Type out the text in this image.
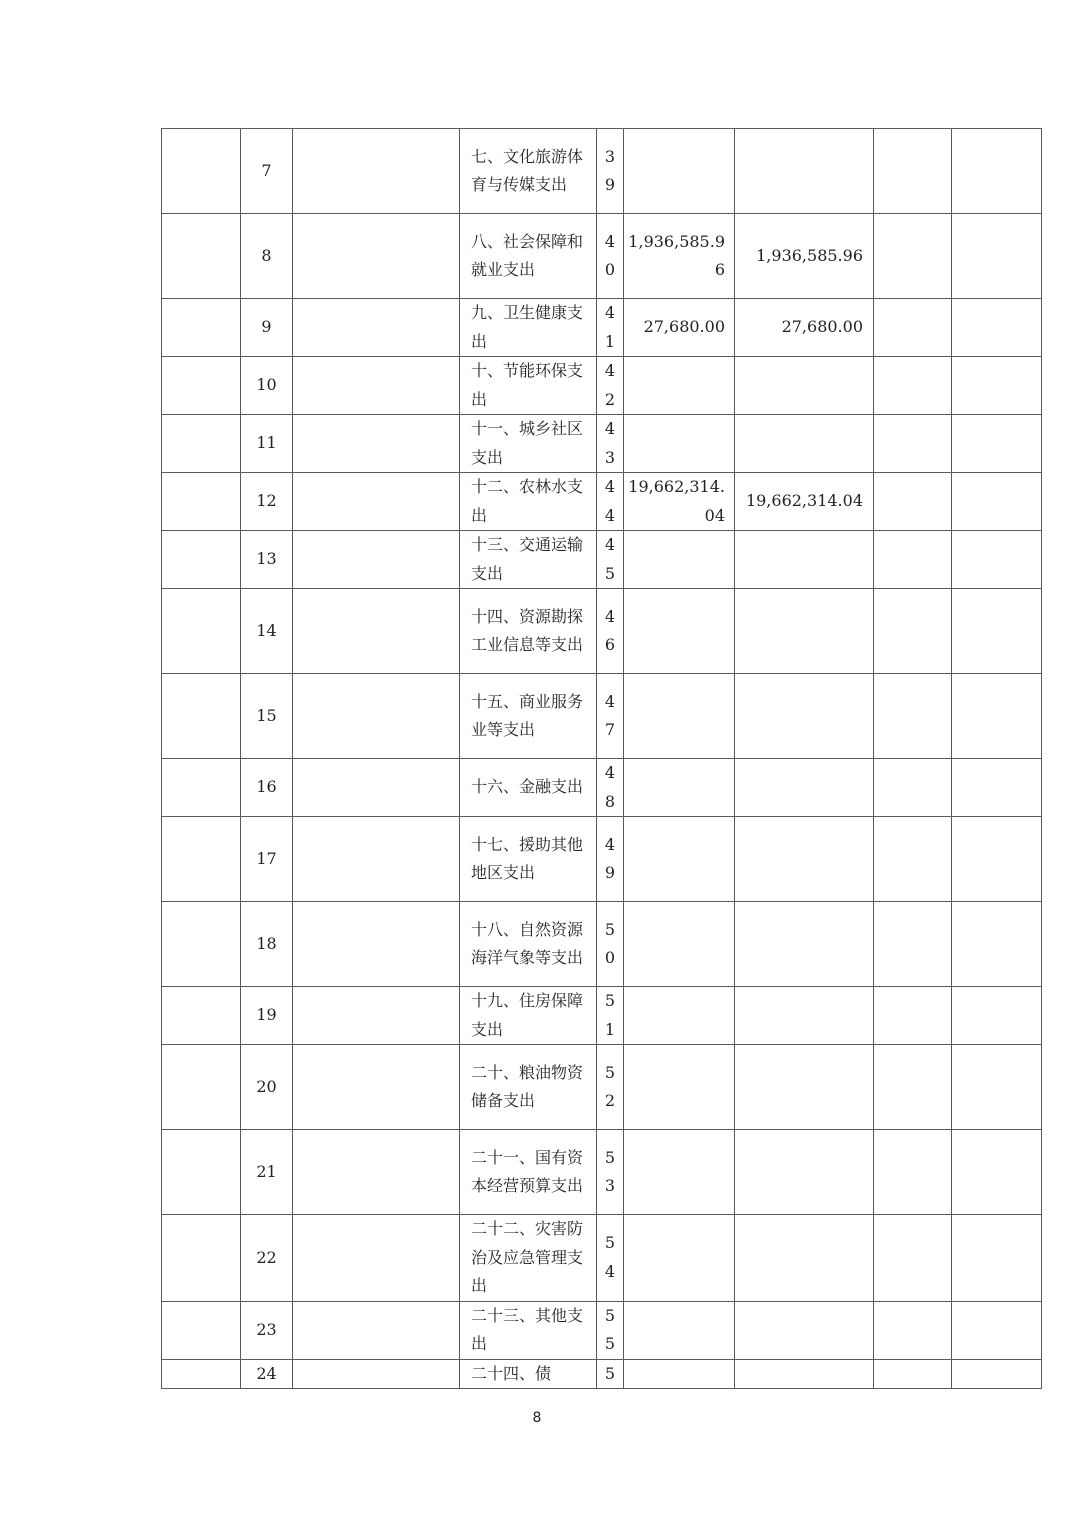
	7		七、文化旅游体育与传媒支出	39				

	8		八、社会保障和就业支出	40	1,936,585.96	1,936,585.96		
	9		九、卫生健康支出	41	27,680.00	27,680.00		
	10		十、节能环保支出	42				

	11		十一、城乡社区支出	43				

	12		十二、农林水支出	44	19,662,314.04	19,662,314.04		
	13		十三、交通运输支出	45				

	14		十四、资源勘探工业信息等支出	46				

	15		十五、商业服务业等支出	47				

	16		十六、金融支出	48				

	17		十七、援助其他地区支出	49				

	18		十八、自然资源海洋气象等支出	50				

	19		十九、住房保障支出	51				

	20		二十、粮油物资储备支出	52				

	21		二十一、国有资本经营预算支出	53				

	22		二十二、灾害防治及应急管理支出	54				

	23		二十三、其他支出	55				

	24		二十四、债	5				

8
